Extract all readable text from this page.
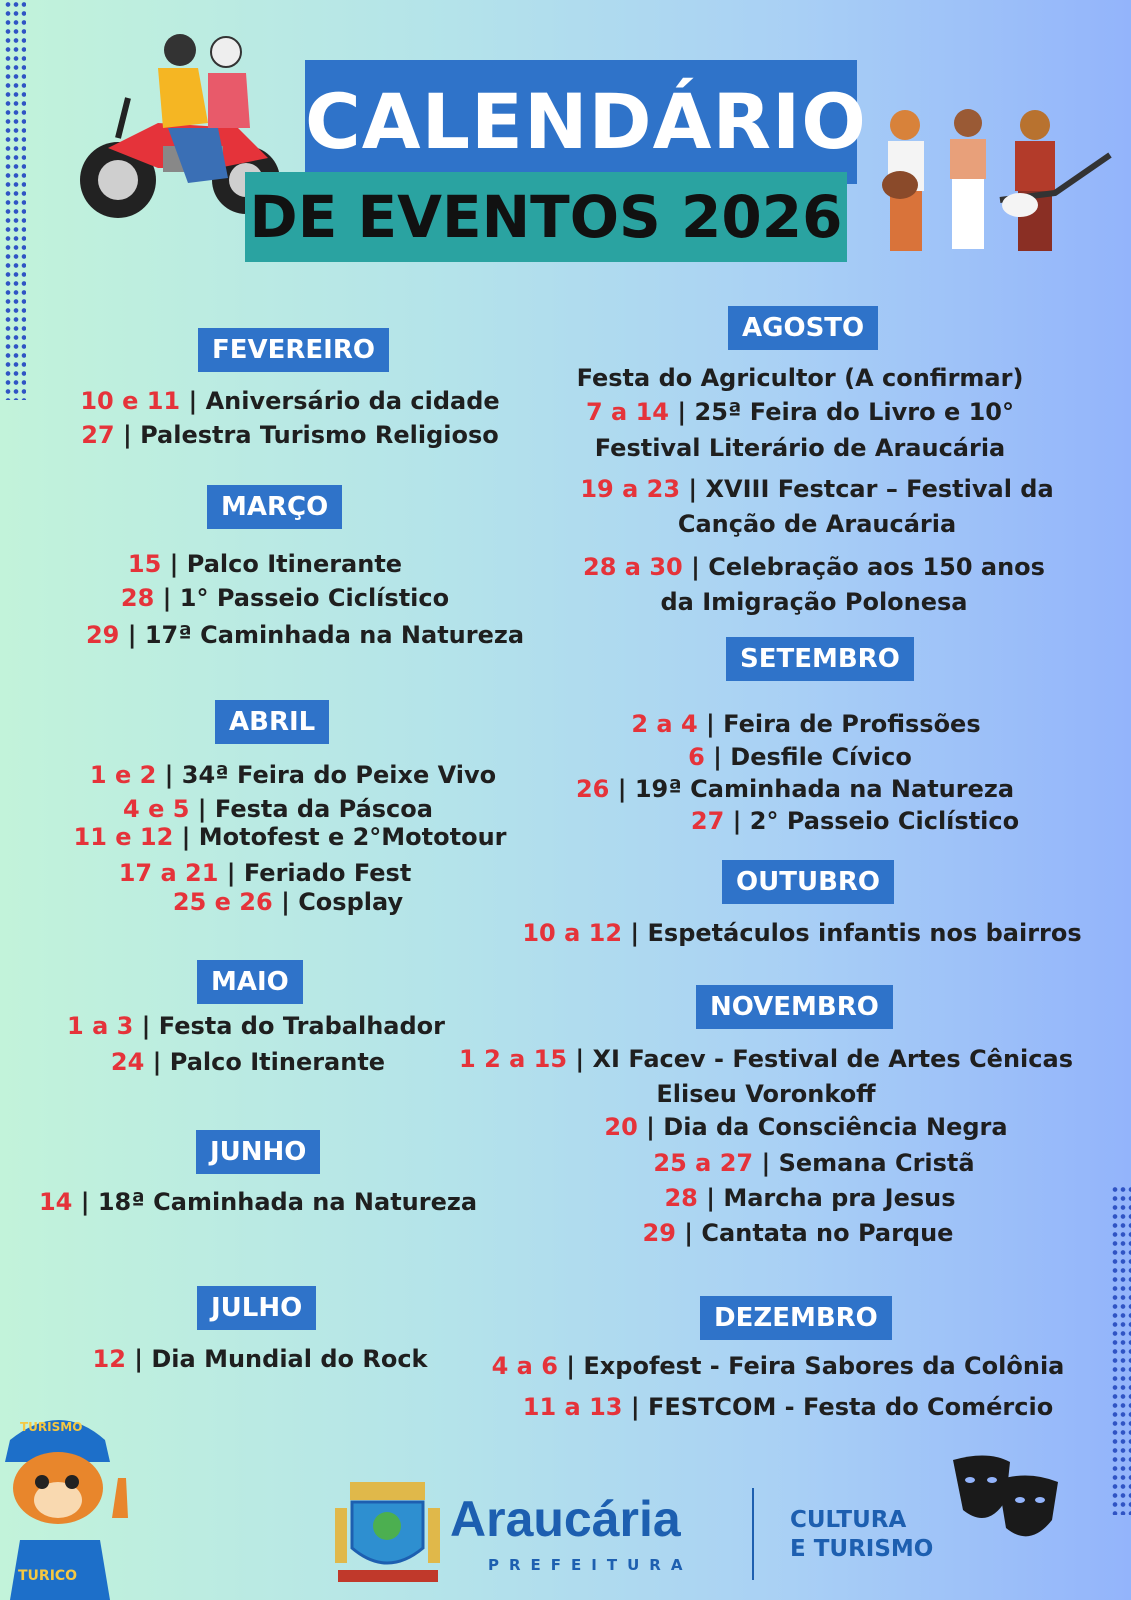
CALENDÁRIO
DE EVENTOS 2026
FEVEREIRO
10 e 11 | Aniversário da cidade
27 | Palestra Turismo Religioso
MARÇO
15 | Palco Itinerante
28 | 1° Passeio Ciclístico
29 | 17ª Caminhada na Natureza
ABRIL
1 e 2 | 34ª Feira do Peixe Vivo
4 e 5 | Festa da Páscoa
11 e 12 | Motofest e 2°Mototour
17 a 21 | Feriado Fest
25 e 26 | Cosplay
MAIO
1 a 3 | Festa do Trabalhador
24 | Palco Itinerante
JUNHO
14 | 18ª Caminhada na Natureza
JULHO
12 | Dia Mundial do Rock
AGOSTO
Festa do Agricultor (A confirmar)
7 a 14 | 25ª Feira do Livro e 10°
Festival Literário de Araucária
19 a 23 | XVIII Festcar – Festival da
Canção de Araucária
28 a 30 | Celebração aos 150 anos
da Imigração Polonesa
SETEMBRO
2 a 4 | Feira de Profissões
6 | Desfile Cívico
26 | 19ª Caminhada na Natureza
27 | 2° Passeio Ciclístico
OUTUBRO
10 a 12 | Espetáculos infantis nos bairros
NOVEMBRO
1 2 a 15 | XI Facev - Festival de Artes Cênicas
Eliseu Voronkoff
20 | Dia da Consciência Negra
25 a 27 | Semana Cristã
28 | Marcha pra Jesus
29 | Cantata no Parque
DEZEMBRO
4 a 6 | Expofest - Feira Sabores da Colônia
11 a 13 | FESTCOM - Festa do Comércio
TURISMO
TURICO
Araucária
PREFEITURA
CULTURA
E TURISMO
